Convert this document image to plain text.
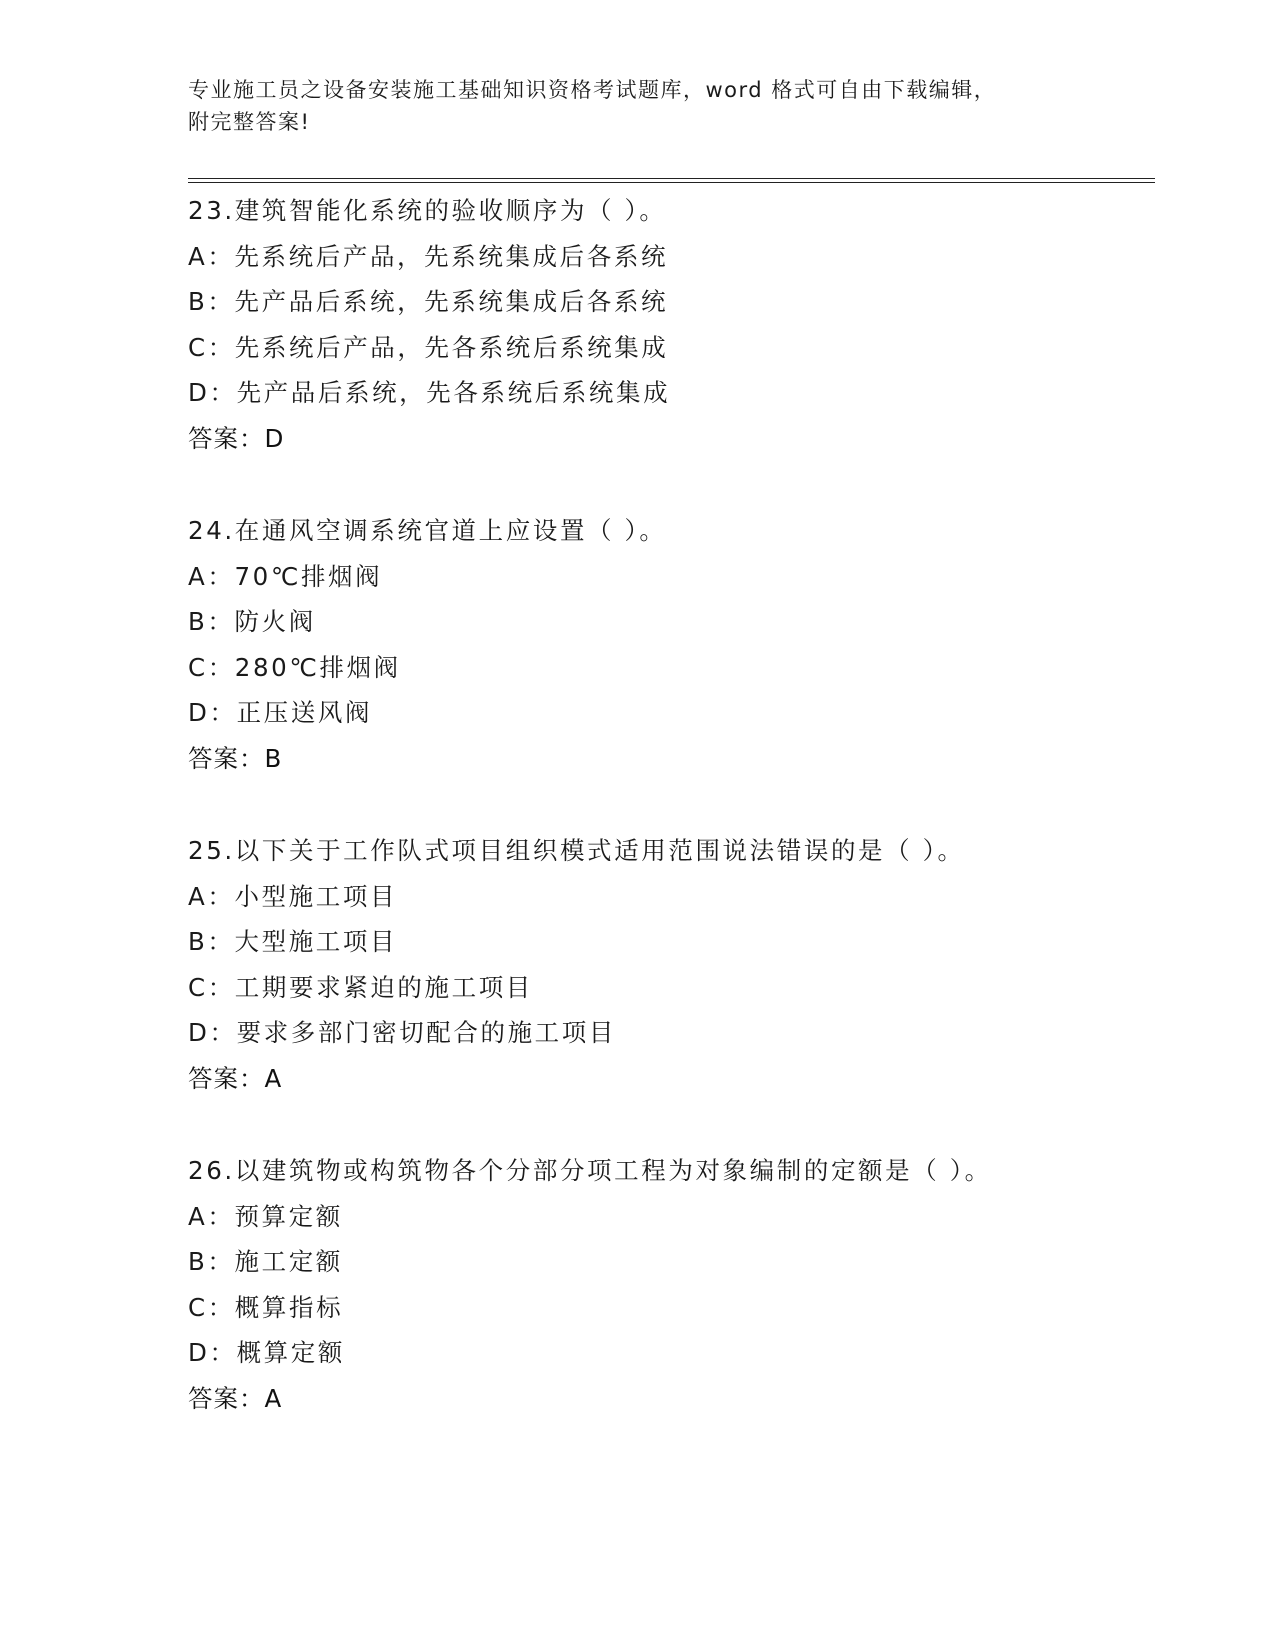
专业施工员之设备安装施工基础知识资格考试题库，word 格式可自由下载编辑，
附完整答案!
23.建筑智能化系统的验收顺序为（ ）。
A：先系统后产品，先系统集成后各系统
B：先产品后系统，先系统集成后各系统
C：先系统后产品，先各系统后系统集成
D：先产品后系统，先各系统后系统集成
答案：D
24.在通风空调系统官道上应设置（ ）。
A：70℃排烟阀
B：防火阀
C：280℃排烟阀
D：正压送风阀
答案：B
25.以下关于工作队式项目组织模式适用范围说法错误的是（ ）。
A：小型施工项目
B：大型施工项目
C：工期要求紧迫的施工项目
D：要求多部门密切配合的施工项目
答案：A
26.以建筑物或构筑物各个分部分项工程为对象编制的定额是（ ）。
A：预算定额
B：施工定额
C：概算指标
D：概算定额
答案：A
